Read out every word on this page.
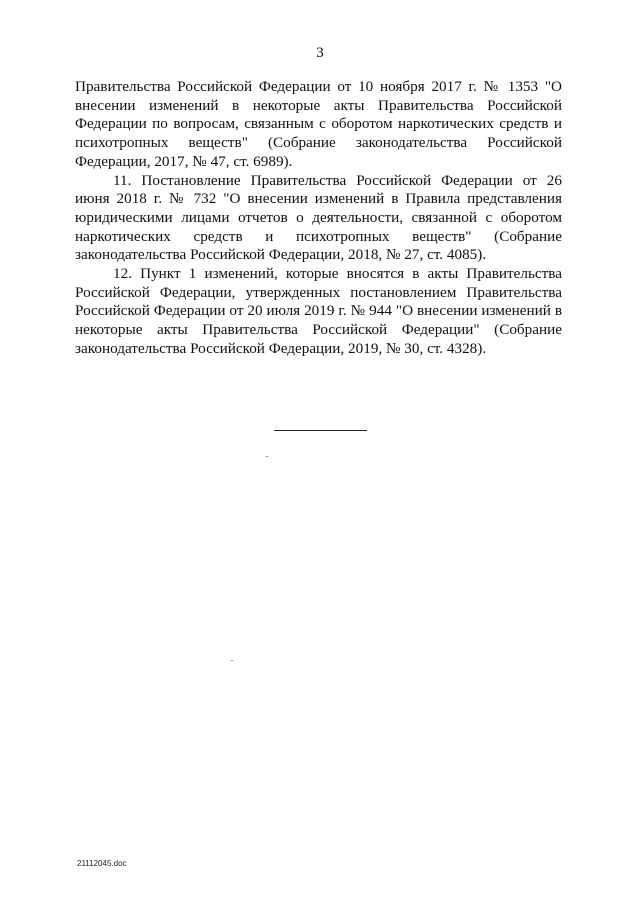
3

Правительства Российской Федерации от 10 ноября 2017 г. № 1353 "О внесении изменений в некоторые акты Правительства Российской Федерации по вопросам, связанным с оборотом наркотических средств и психотропных веществ" (Собрание законодательства Российской Федерации, 2017, № 47, ст. 6989).

11. Постановление Правительства Российской Федерации от 26 июня 2018 г. № 732 "О внесении изменений в Правила представления юридическими лицами отчетов о деятельности, связанной с оборотом наркотических средств и психотропных веществ" (Собрание законодательства Российской Федерации, 2018, № 27, ст. 4085).

12. Пункт 1 изменений, которые вносятся в акты Правительства Российской Федерации, утвержденных постановлением Правительства Российской Федерации от 20 июля 2019 г. № 944 "О внесении изменений в некоторые акты Правительства Российской Федерации" (Собрание законодательства Российской Федерации, 2019, № 30, ст. 4328).

21112045.doc
